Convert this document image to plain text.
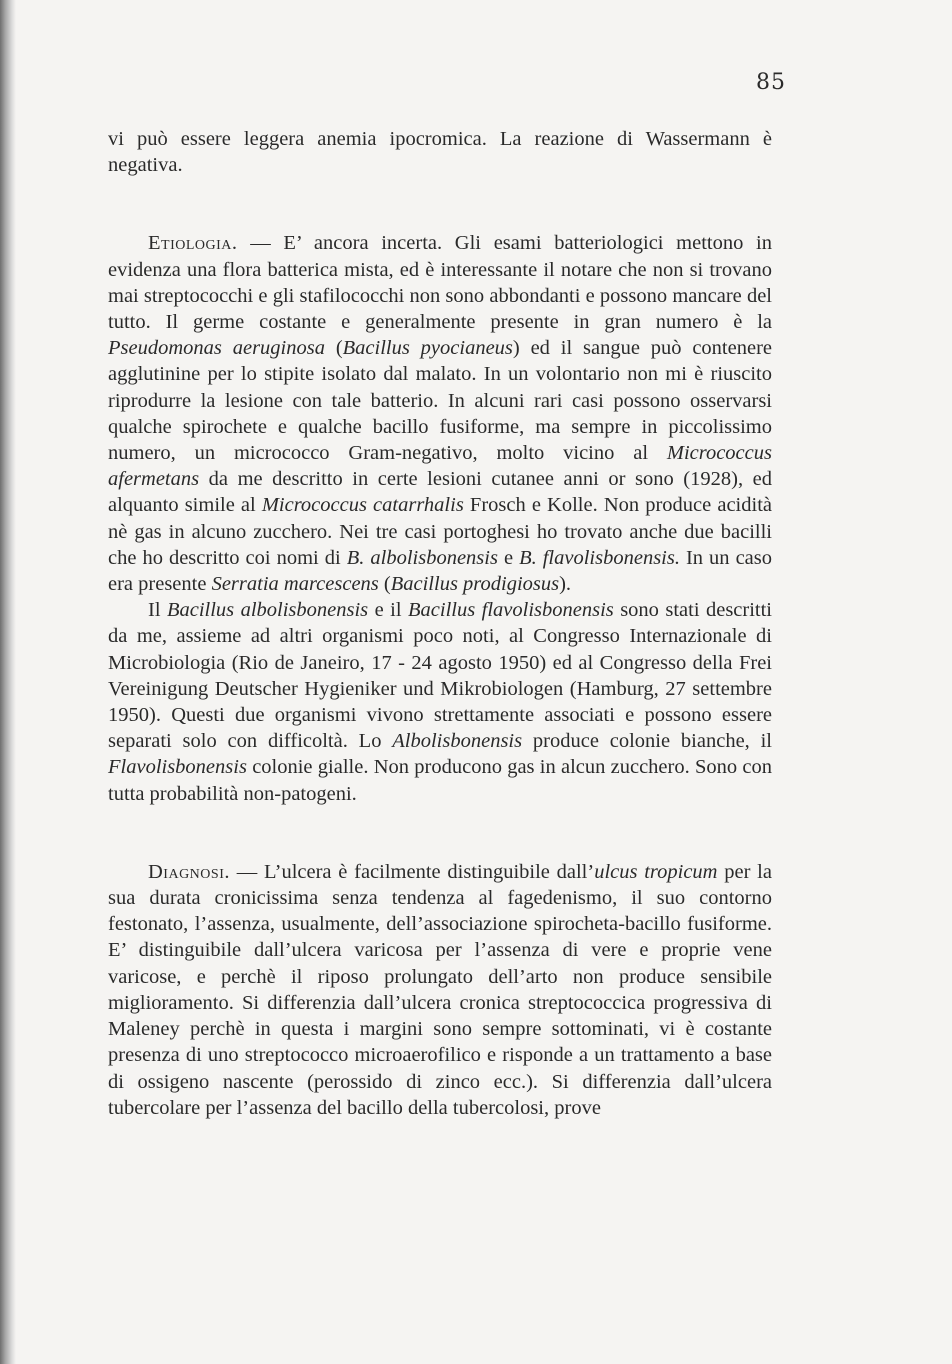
85

vi può essere leggera anemia ipocromica. La reazione di Wassermann è negativa.

Etiologia. — E’ ancora incerta. Gli esami batteriologici mettono in evidenza una flora batterica mista, ed è interessante il notare che non si trovano mai streptococchi e gli stafilococchi non sono abbondanti e possono mancare del tutto. Il germe costante e generalmente presente in gran numero è la Pseudomonas aeruginosa (Bacillus pyocianeus) ed il sangue può contenere agglutinine per lo stipite isolato dal malato. In un volontario non mi è riuscito riprodurre la lesione con tale batterio. In alcuni rari casi possono osservarsi qualche spirochete e qualche bacillo fusiforme, ma sempre in piccolissimo numero, un micrococco Gram-negativo, molto vicino al Micrococcus afermetans da me descritto in certe lesioni cutanee anni or sono (1928), ed alquanto simile al Micrococcus catarrhalis Frosch e Kolle. Non produce acidità nè gas in alcuno zucchero. Nei tre casi portoghesi ho trovato anche due bacilli che ho descritto coi nomi di B. albolisbonensis e B. flavolisbonensis. In un caso era presente Serratia marcescens (Bacillus prodigiosus).

Il Bacillus albolisbonensis e il Bacillus flavolisbonensis sono stati descritti da me, assieme ad altri organismi poco noti, al Congresso Internazionale di Microbiologia (Rio de Janeiro, 17 - 24 agosto 1950) ed al Congresso della Frei Vereinigung Deutscher Hygieniker und Mikrobiologen (Hamburg, 27 settembre 1950). Questi due organismi vivono strettamente associati e possono essere separati solo con difficoltà. Lo Albolisbonensis produce colonie bianche, il Flavolisbonensis colonie gialle. Non producono gas in alcun zucchero. Sono con tutta probabilità non-patogeni.

Diagnosi. — L’ulcera è facilmente distinguibile dall’ulcus tropicum per la sua durata cronicissima senza tendenza al fagedenismo, il suo contorno festonato, l’assenza, usualmente, dell’associazione spirocheta-bacillo fusiforme. E’ distinguibile dall’ulcera varicosa per l’assenza di vere e proprie vene varicose, e perchè il riposo prolungato dell’arto non produce sensibile miglioramento. Si differenzia dall’ulcera cronica streptococcica progressiva di Maleney perchè in questa i margini sono sempre sottominati, vi è costante presenza di uno streptococco microaerofilico e risponde a un trattamento a base di ossigeno nascente (perossido di zinco ecc.). Si differenzia dall’ulcera tubercolare per l’assenza del bacillo della tubercolosi, prove
